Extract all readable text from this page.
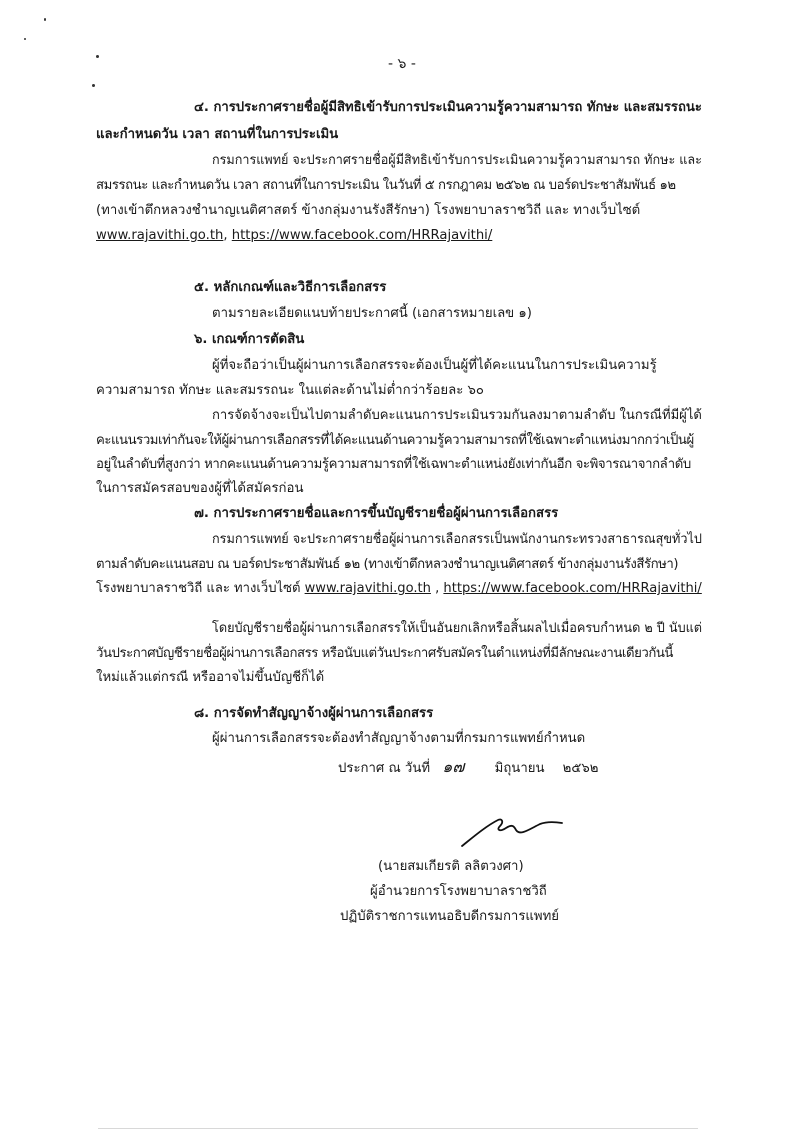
- ๖ -
๔. การประกาศรายชื่อผู้มีสิทธิเข้ารับการประเมินความรู้ความสามารถ ทักษะ และสมรรถนะ
และกำหนดวัน เวลา สถานที่ในการประเมิน
กรมการแพทย์ จะประกาศรายชื่อผู้มีสิทธิเข้ารับการประเมินความรู้ความสามารถ ทักษะ และ
สมรรถนะ และกำหนดวัน เวลา สถานที่ในการประเมิน ในวันที่ ๕ กรกฎาคม ๒๕๖๒ ณ บอร์ดประชาสัมพันธ์ ๑๒
(ทางเข้าตึกหลวงชำนาญเนติศาสตร์ ข้างกลุ่มงานรังสีรักษา) โรงพยาบาลราชวิถี และ ทางเว็บไซต์
www.rajavithi.go.th, https://www.facebook.com/HRRajavithi/
๕. หลักเกณฑ์และวิธีการเลือกสรร
ตามรายละเอียดแนบท้ายประกาศนี้ (เอกสารหมายเลข ๑)
๖. เกณฑ์การตัดสิน
ผู้ที่จะถือว่าเป็นผู้ผ่านการเลือกสรรจะต้องเป็นผู้ที่ได้คะแนนในการประเมินความรู้
ความสามารถ ทักษะ และสมรรถนะ ในแต่ละด้านไม่ต่ำกว่าร้อยละ ๖๐
การจัดจ้างจะเป็นไปตามลำดับคะแนนการประเมินรวมกันลงมาตามลำดับ ในกรณีที่มีผู้ได้
คะแนนรวมเท่ากันจะให้ผู้ผ่านการเลือกสรรที่ได้คะแนนด้านความรู้ความสามารถที่ใช้เฉพาะตำแหน่งมากกว่าเป็นผู้
อยู่ในลำดับที่สูงกว่า หากคะแนนด้านความรู้ความสามารถที่ใช้เฉพาะตำแหน่งยังเท่ากันอีก จะพิจารณาจากลำดับ
ในการสมัครสอบของผู้ที่ได้สมัครก่อน
๗. การประกาศรายชื่อและการขึ้นบัญชีรายชื่อผู้ผ่านการเลือกสรร
กรมการแพทย์ จะประกาศรายชื่อผู้ผ่านการเลือกสรรเป็นพนักงานกระทรวงสาธารณสุขทั่วไป
ตามลำดับคะแนนสอบ ณ บอร์ดประชาสัมพันธ์ ๑๒ (ทางเข้าตึกหลวงชำนาญเนติศาสตร์ ข้างกลุ่มงานรังสีรักษา)
โรงพยาบาลราชวิถี และ ทางเว็บไซต์ www.rajavithi.go.th , https://www.facebook.com/HRRajavithi/
โดยบัญชีรายชื่อผู้ผ่านการเลือกสรรให้เป็นอันยกเลิกหรือสิ้นผลไปเมื่อครบกำหนด ๒ ปี นับแต่
วันประกาศบัญชีรายชื่อผู้ผ่านการเลือกสรร หรือนับแต่วันประกาศรับสมัครในตำแหน่งที่มีลักษณะงานเดียวกันนี้
ใหม่แล้วแต่กรณี หรืออาจไม่ขึ้นบัญชีก็ได้
๘. การจัดทำสัญญาจ้างผู้ผ่านการเลือกสรร
ผู้ผ่านการเลือกสรรจะต้องทำสัญญาจ้างตามที่กรมการแพทย์กำหนด
ประกาศ ณ วันที่ ๑๗ มิถุนายน ๒๕๖๒
(นายสมเกียรติ ลลิตวงศา)
ผู้อำนวยการโรงพยาบาลราชวิถี
ปฏิบัติราชการแทนอธิบดีกรมการแพทย์
